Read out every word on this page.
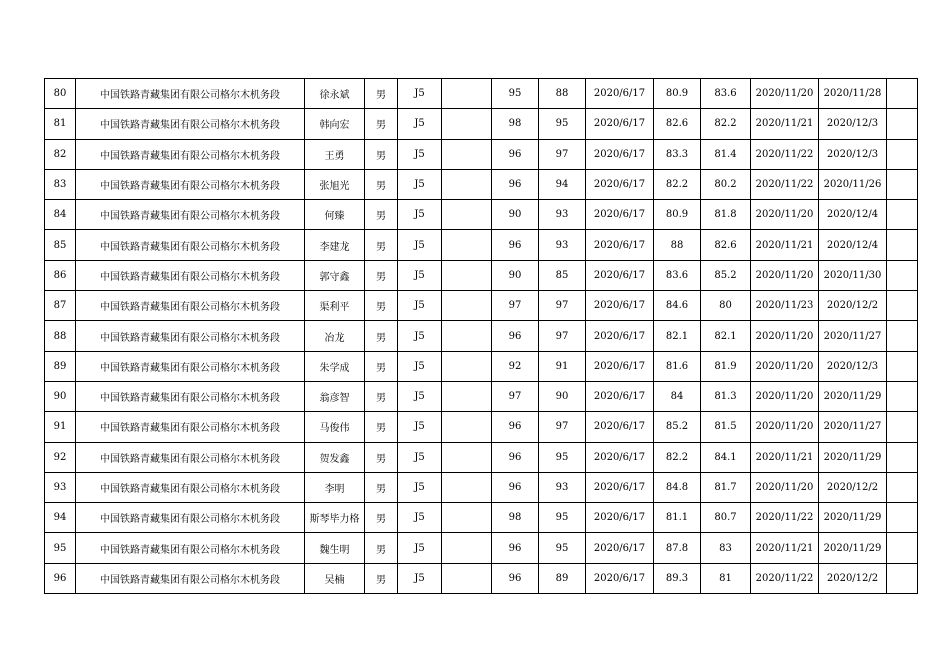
80	中国铁路青藏集团有限公司格尔木机务段	徐永斌	男	J5		95	88	2020/6/17	80.9	83.6	2020/11/20	2020/11/28	
81	中国铁路青藏集团有限公司格尔木机务段	韩向宏	男	J5		98	95	2020/6/17	82.6	82.2	2020/11/21	2020/12/3	
82	中国铁路青藏集团有限公司格尔木机务段	王勇	男	J5		96	97	2020/6/17	83.3	81.4	2020/11/22	2020/12/3	
83	中国铁路青藏集团有限公司格尔木机务段	张旭光	男	J5		96	94	2020/6/17	82.2	80.2	2020/11/22	2020/11/26	
84	中国铁路青藏集团有限公司格尔木机务段	何臻	男	J5		90	93	2020/6/17	80.9	81.8	2020/11/20	2020/12/4	
85	中国铁路青藏集团有限公司格尔木机务段	李建龙	男	J5		96	93	2020/6/17	88	82.6	2020/11/21	2020/12/4	
86	中国铁路青藏集团有限公司格尔木机务段	郭守鑫	男	J5		90	85	2020/6/17	83.6	85.2	2020/11/20	2020/11/30	
87	中国铁路青藏集团有限公司格尔木机务段	渠利平	男	J5		97	97	2020/6/17	84.6	80	2020/11/23	2020/12/2	
88	中国铁路青藏集团有限公司格尔木机务段	冶龙	男	J5		96	97	2020/6/17	82.1	82.1	2020/11/20	2020/11/27	
89	中国铁路青藏集团有限公司格尔木机务段	朱学成	男	J5		92	91	2020/6/17	81.6	81.9	2020/11/20	2020/12/3	
90	中国铁路青藏集团有限公司格尔木机务段	翁彦智	男	J5		97	90	2020/6/17	84	81.3	2020/11/20	2020/11/29	
91	中国铁路青藏集团有限公司格尔木机务段	马俊伟	男	J5		96	97	2020/6/17	85.2	81.5	2020/11/20	2020/11/27	
92	中国铁路青藏集团有限公司格尔木机务段	贺发鑫	男	J5		96	95	2020/6/17	82.2	84.1	2020/11/21	2020/11/29	
93	中国铁路青藏集团有限公司格尔木机务段	李明	男	J5		96	93	2020/6/17	84.8	81.7	2020/11/20	2020/12/2	
94	中国铁路青藏集团有限公司格尔木机务段	斯琴毕力格	男	J5		98	95	2020/6/17	81.1	80.7	2020/11/22	2020/11/29	
95	中国铁路青藏集团有限公司格尔木机务段	魏生明	男	J5		96	95	2020/6/17	87.8	83	2020/11/21	2020/11/29	
96	中国铁路青藏集团有限公司格尔木机务段	吴楠	男	J5		96	89	2020/6/17	89.3	81	2020/11/22	2020/12/2	
